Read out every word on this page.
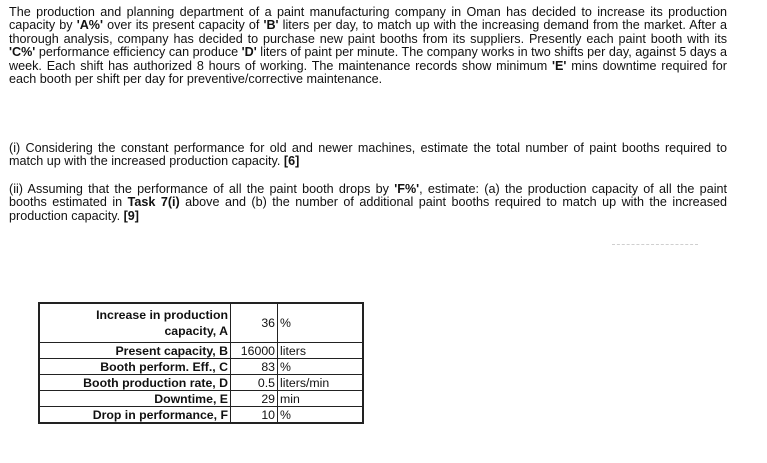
The production and planning department of a paint manufacturing company in Oman has decided to increase its production capacity by 'A%' over its present capacity of 'B' liters per day, to match up with the increasing demand from the market. After a thorough analysis, company has decided to purchase new paint booths from its suppliers. Presently each paint booth with its 'C%' performance efficiency can produce 'D' liters of paint per minute. The company works in two shifts per day, against 5 days a week. Each shift has authorized 8 hours of working. The maintenance records show minimum 'E' mins downtime required for each booth per shift per day for preventive/corrective maintenance.

(i) Considering the constant performance for old and newer machines, estimate the total number of paint booths required to match up with the increased production capacity. [6]

(ii) Assuming that the performance of all the paint booth drops by 'F%', estimate: (a) the production capacity of all the paint booths estimated in Task 7(i) above and (b) the number of additional paint booths required to match up with the increased production capacity. [9]

Increase in production capacity, A	36	%
Present capacity, B	16000	liters
Booth perform. Eff., C	83	%
Booth production rate, D	0.5	liters/min
Downtime, E	29	min
Drop in performance, F	10	%
